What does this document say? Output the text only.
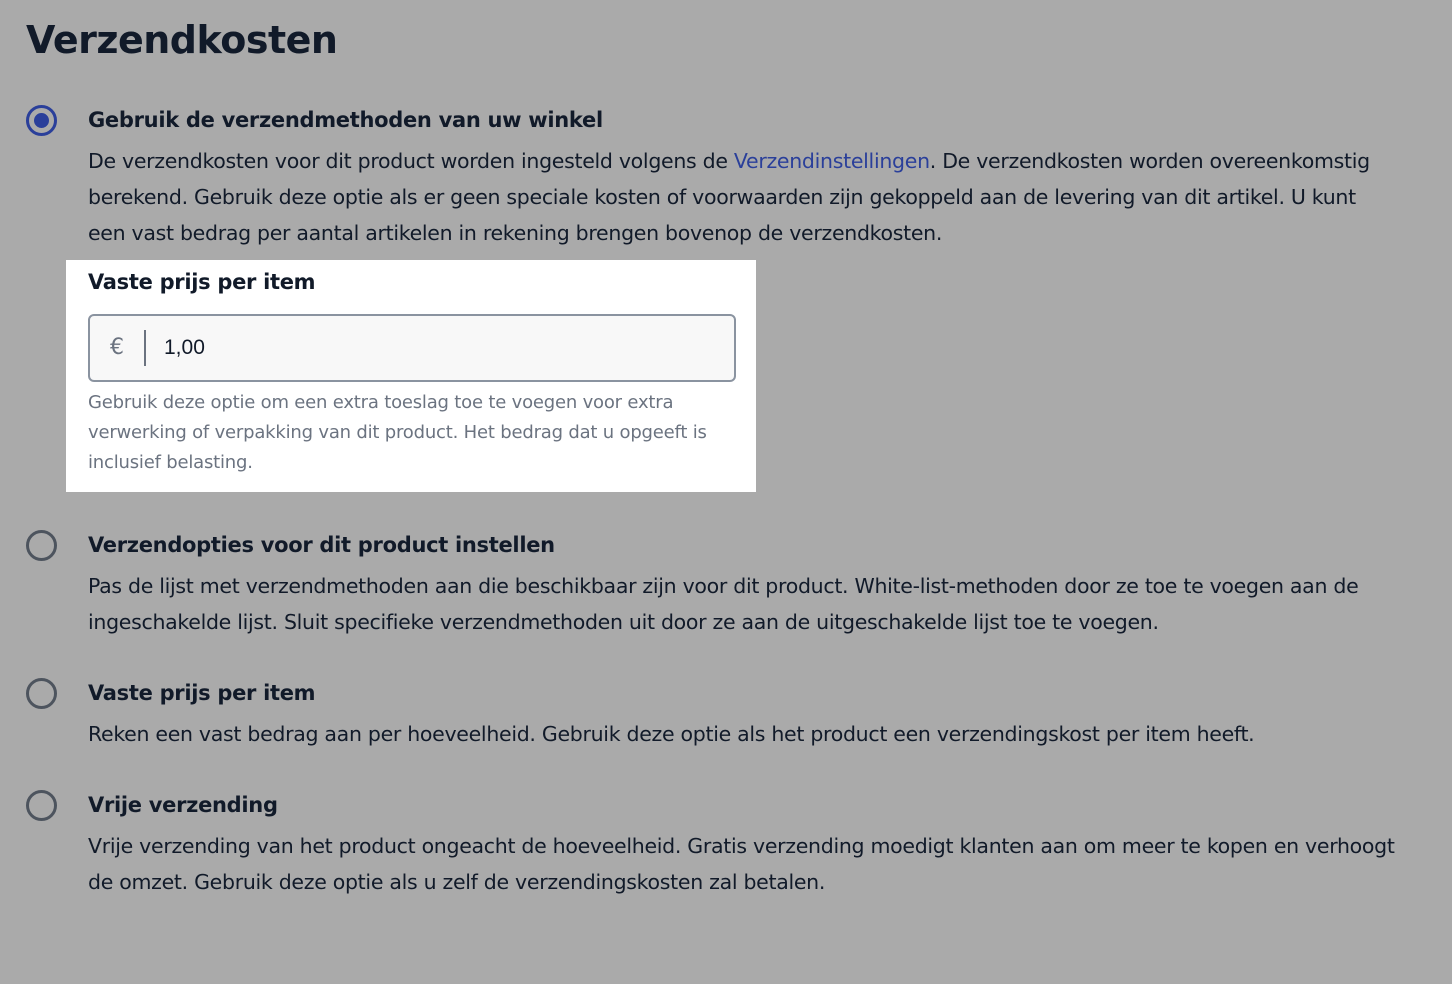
Verzendkosten
Gebruik de verzendmethoden van uw winkel
De verzendkosten voor dit product worden ingesteld volgens de Verzendinstellingen. De verzendkosten worden overeenkomstig berekend. Gebruik deze optie als er geen speciale kosten of voorwaarden zijn gekoppeld aan de levering van dit artikel. U kunt een vast bedrag per aantal artikelen in rekening brengen bovenop de verzendkosten.
Vaste prijs per item
€
1,00
Gebruik deze optie om een extra toeslag toe te voegen voor extra verwerking of verpakking van dit product. Het bedrag dat u opgeeft is inclusief belasting.
Verzendopties voor dit product instellen
Pas de lijst met verzendmethoden aan die beschikbaar zijn voor dit product. White-list-methoden door ze toe te voegen aan de ingeschakelde lijst. Sluit specifieke verzendmethoden uit door ze aan de uitgeschakelde lijst toe te voegen.
Vaste prijs per item
Reken een vast bedrag aan per hoeveelheid. Gebruik deze optie als het product een verzendingskost per item heeft.
Vrije verzending
Vrije verzending van het product ongeacht de hoeveelheid. Gratis verzending moedigt klanten aan om meer te kopen en verhoogt de omzet. Gebruik deze optie als u zelf de verzendingskosten zal betalen.
